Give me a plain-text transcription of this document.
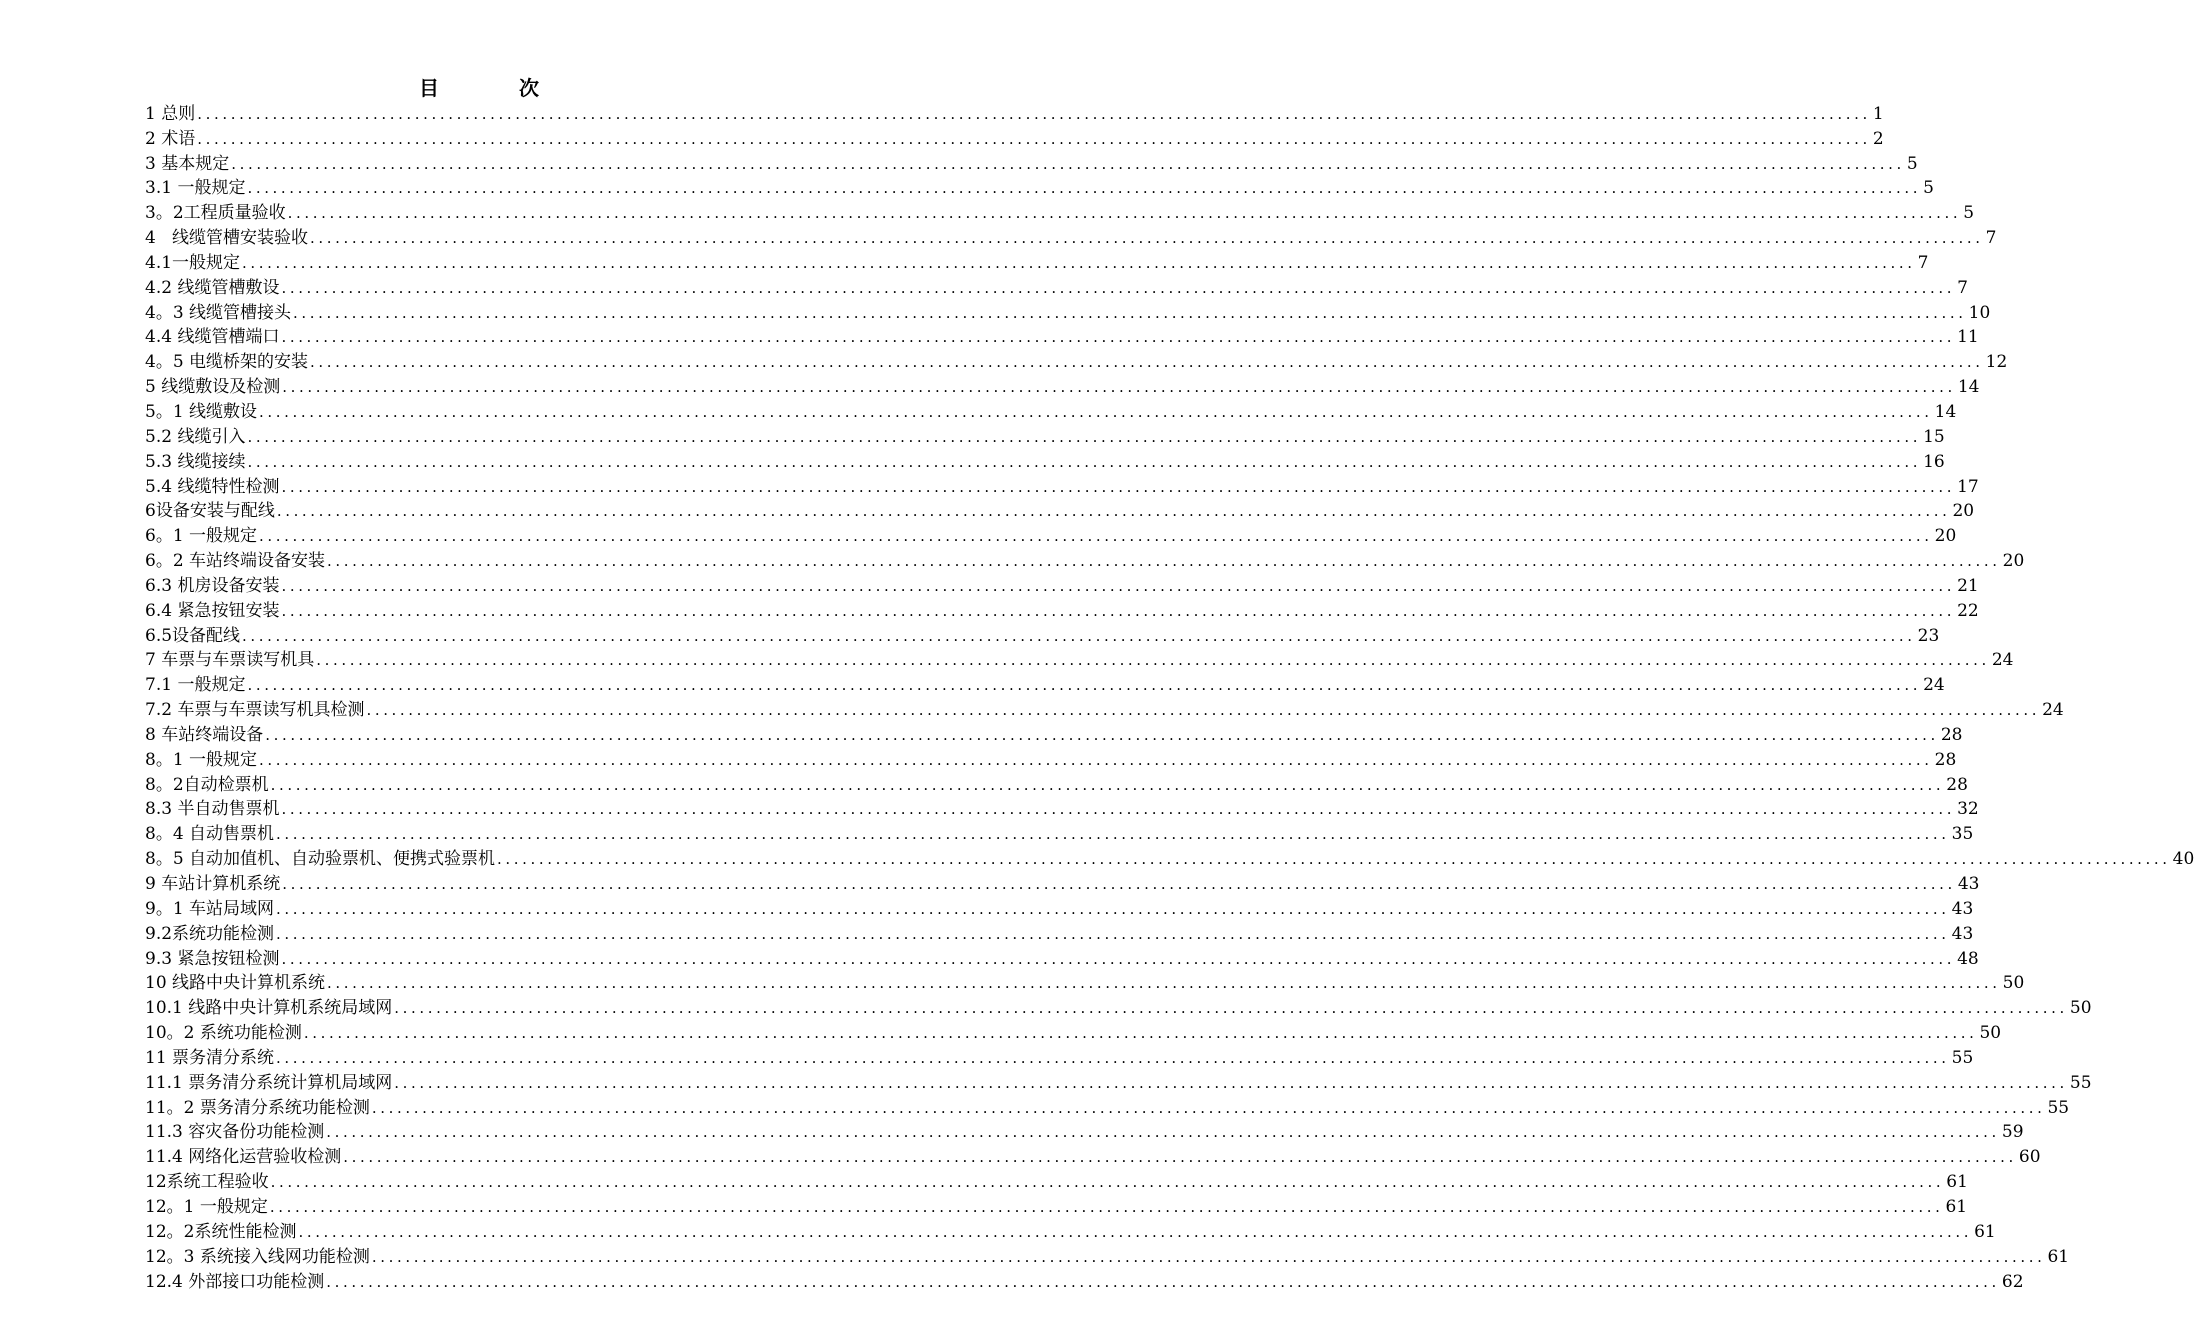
目  次
1 总则 ........................................................................................................................................................................................................ 1
2 术语 ........................................................................................................................................................................................................ 2
3 基本规定 ........................................................................................................................................................................................................ 5
3.1 一般规定 ........................................................................................................................................................................................................ 5
3。2工程质量验收 ........................................................................................................................................................................................................ 5
4   线缆管槽安装验收 ........................................................................................................................................................................................................ 7
4.1一般规定 ........................................................................................................................................................................................................ 7
4.2 线缆管槽敷设 ........................................................................................................................................................................................................ 7
4。3 线缆管槽接头 ........................................................................................................................................................................................................ 10
4.4 线缆管槽端口 ........................................................................................................................................................................................................ 11
4。5 电缆桥架的安装 ........................................................................................................................................................................................................ 12
5 线缆敷设及检测 ........................................................................................................................................................................................................ 14
5。1 线缆敷设 ........................................................................................................................................................................................................ 14
5.2 线缆引入 ........................................................................................................................................................................................................ 15
5.3 线缆接续 ........................................................................................................................................................................................................ 16
5.4 线缆特性检测 ........................................................................................................................................................................................................ 17
6设备安装与配线 ........................................................................................................................................................................................................ 20
6。1 一般规定 ........................................................................................................................................................................................................ 20
6。2 车站终端设备安装 ........................................................................................................................................................................................................ 20
6.3 机房设备安装 ........................................................................................................................................................................................................ 21
6.4 紧急按钮安装 ........................................................................................................................................................................................................ 22
6.5设备配线 ........................................................................................................................................................................................................ 23
7 车票与车票读写机具 ........................................................................................................................................................................................................ 24
7.1 一般规定 ........................................................................................................................................................................................................ 24
7.2 车票与车票读写机具检测 ........................................................................................................................................................................................................ 24
8 车站终端设备 ........................................................................................................................................................................................................ 28
8。1 一般规定 ........................................................................................................................................................................................................ 28
8。2自动检票机 ........................................................................................................................................................................................................ 28
8.3 半自动售票机 ........................................................................................................................................................................................................ 32
8。4 自动售票机 ........................................................................................................................................................................................................ 35
8。5 自动加值机、自动验票机、便携式验票机 ........................................................................................................................................................................................................ 40
9 车站计算机系统 ........................................................................................................................................................................................................ 43
9。1 车站局域网 ........................................................................................................................................................................................................ 43
9.2系统功能检测 ........................................................................................................................................................................................................ 43
9.3 紧急按钮检测 ........................................................................................................................................................................................................ 48
10 线路中央计算机系统 ........................................................................................................................................................................................................ 50
10.1 线路中央计算机系统局域网 ........................................................................................................................................................................................................ 50
10。2 系统功能检测 ........................................................................................................................................................................................................ 50
11 票务清分系统 ........................................................................................................................................................................................................ 55
11.1 票务清分系统计算机局域网 ........................................................................................................................................................................................................ 55
11。2 票务清分系统功能检测 ........................................................................................................................................................................................................ 55
11.3 容灾备份功能检测 ........................................................................................................................................................................................................ 59
11.4 网络化运营验收检测 ........................................................................................................................................................................................................ 60
12系统工程验收 ........................................................................................................................................................................................................ 61
12。1 一般规定 ........................................................................................................................................................................................................ 61
12。2系统性能检测 ........................................................................................................................................................................................................ 61
12。3 系统接入线网功能检测 ........................................................................................................................................................................................................ 61
12.4 外部接口功能检测 ........................................................................................................................................................................................................ 62
